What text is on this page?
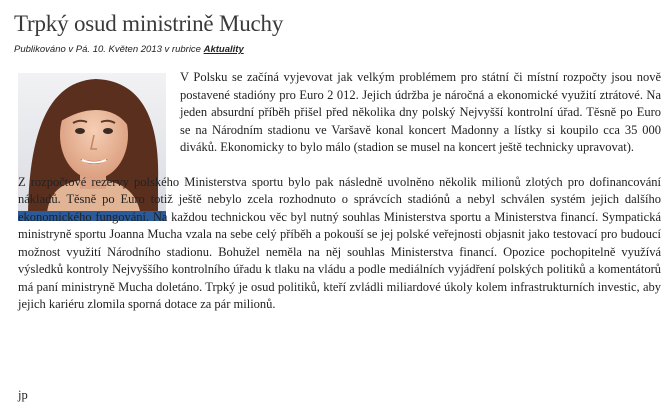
Trpký osud ministrině Muchy
Publikováno v Pá. 10. Květen 2013 v rubrice Aktuality

V Polsku se začíná vyjevovat jak velkým problémem pro státní či místní rozpočty jsou nově postavené stadióny pro Euro 2 012. Jejich údržba je náročná a ekonomické využití ztrátové. Na jeden absurdní příběh přišel před několika dny polský Nejvyšší kontrolní úřad. Těsně po Euro se na Národním stadionu ve Varšavě konal koncert Madonny a lístky si koupilo cca 35 000 diváků. Ekonomicky to bylo málo (stadion se musel na koncert ještě technicky upravovat).

Z rozpočtové rezervy polského Ministerstva sportu bylo pak následně uvolněno několik milionů zlotých pro dofinancování nákladů. Těsně po Euro totiž ještě nebylo zcela rozhodnuto o správcích stadiónů a nebyl schválen systém jejich dalšího ekonomického fungování. Na každou technickou věc byl nutný souhlas Ministerstva sportu a Ministerstva financí. Sympatická ministryně sportu Joanna Mucha vzala na sebe celý příběh a pokouší se jej polské veřejnosti objasnit jako testovací pro budoucí možnost využití Národního stadionu. Bohužel neměla na něj souhlas Ministerstva financí. Opozice pochopitelně využívá výsledků kontroly Nejvyššího kontrolního úřadu k tlaku na vládu a podle mediálních vyjádření polských politiků a komentátorů má paní ministryně Mucha doletáno. Trpký je osud politiků, kteří zvládli miliardové úkoly kolem infrastrukturních investic, aby jejich kariéru zlomila sporná dotace za pár milionů.

jp
